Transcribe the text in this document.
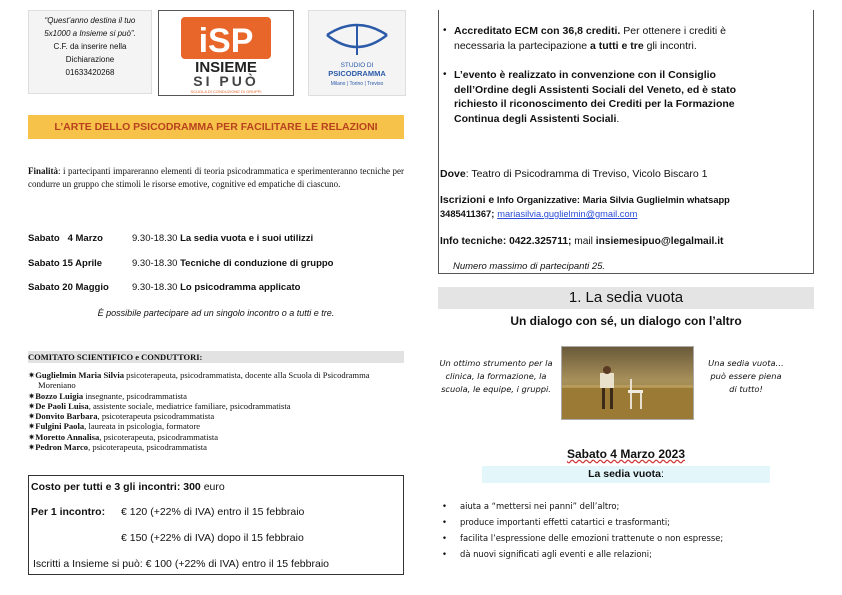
“Quest’anno destina il tuo
5x1000 a Insieme si può”.
C.F. da inserire nella
Dichiarazione
01633420268
iSP
INSIEME
SI PUÒ
SCUOLA DI CONDUZIONE DI GRUPPI
STUDIO DI
PSICODRAMMA
Milano | Torino | Treviso
L’ARTE DELLO PSICODRAMMA PER FACILITARE LE RELAZIONI
Finalità: i partecipanti impareranno elementi di teoria psicodrammatica e sperimenteranno tecniche per condurre un gruppo che stimoli le risorse emotive, cognitive ed empatiche di ciascuno.
Sabato   4 Marzo	9.30-18.30 La sedia vuota e i suoi utilizzi
Sabato 15 Aprile	9.30-18.30 Tecniche di conduzione di gruppo
Sabato 20 Maggio 9.30-18.30 Lo psicodramma applicato
È possibile partecipare ad un singolo incontro o a tutti e tre.
COMITATO SCIENTIFICO e CONDUTTORI:
✷Guglielmin Maria Silvia psicoterapeuta, psicodrammatista, docente alla Scuola di Psicodramma Moreniano
✷Bozzo Luigia insegnante, psicodrammatista
✷De Paoli Luisa, assistente sociale, mediatrice familiare, psicodrammatista
✷Donvito Barbara, psicoterapeuta psicodrammatista
✷Fulgini Paola, laureata in psicologia, formatore
✷Moretto Annalisa, psicoterapeuta, psicodrammatista
✷Pedron Marco, psicoterapeuta, psicodrammatista
Costo per tutti e 3 gli incontri: 300 euro
Per 1 incontro: € 120 (+22% di IVA) entro il 15 febbraio
€ 150 (+22% di IVA) dopo il 15 febbraio
Iscritti a Insieme si può: € 100 (+22% di IVA) entro il 15 febbraio
• Accreditato ECM con 36,8 crediti. Per ottenere i crediti è
necessaria la partecipazione a tutti e tre gli incontri.
• L’evento è realizzato in convenzione con il Consiglio
dell’Ordine degli Assistenti Sociali del Veneto, ed è stato
richiesto il riconoscimento dei Crediti per la Formazione
Continua degli Assistenti Sociali.
Dove: Teatro di Psicodramma di Treviso, Vicolo Biscaro 1
Iscrizioni e Info Organizzative: Maria Silvia Guglielmin whatsapp
3485411367; mariasilvia.guglielmin@gmail.com
Info tecniche: 0422.325711; mail insiemesipuo@legalmail.it
Numero massimo di partecipanti 25.
1. La sedia vuota
Un dialogo con sé, un dialogo con l’altro
Un ottimo strumento per la
clinica, la formazione, la
scuola, le equipe, i gruppi.
Una sedia vuota…
può essere piena
di tutto!
Sabato 4 Marzo 2023
La sedia vuota:
• aiuta a “mettersi nei panni” dell’altro;
• produce importanti effetti catartici e trasformanti;
• facilita l’espressione delle emozioni trattenute o non espresse;
• dà nuovi significati agli eventi e alle relazioni;
